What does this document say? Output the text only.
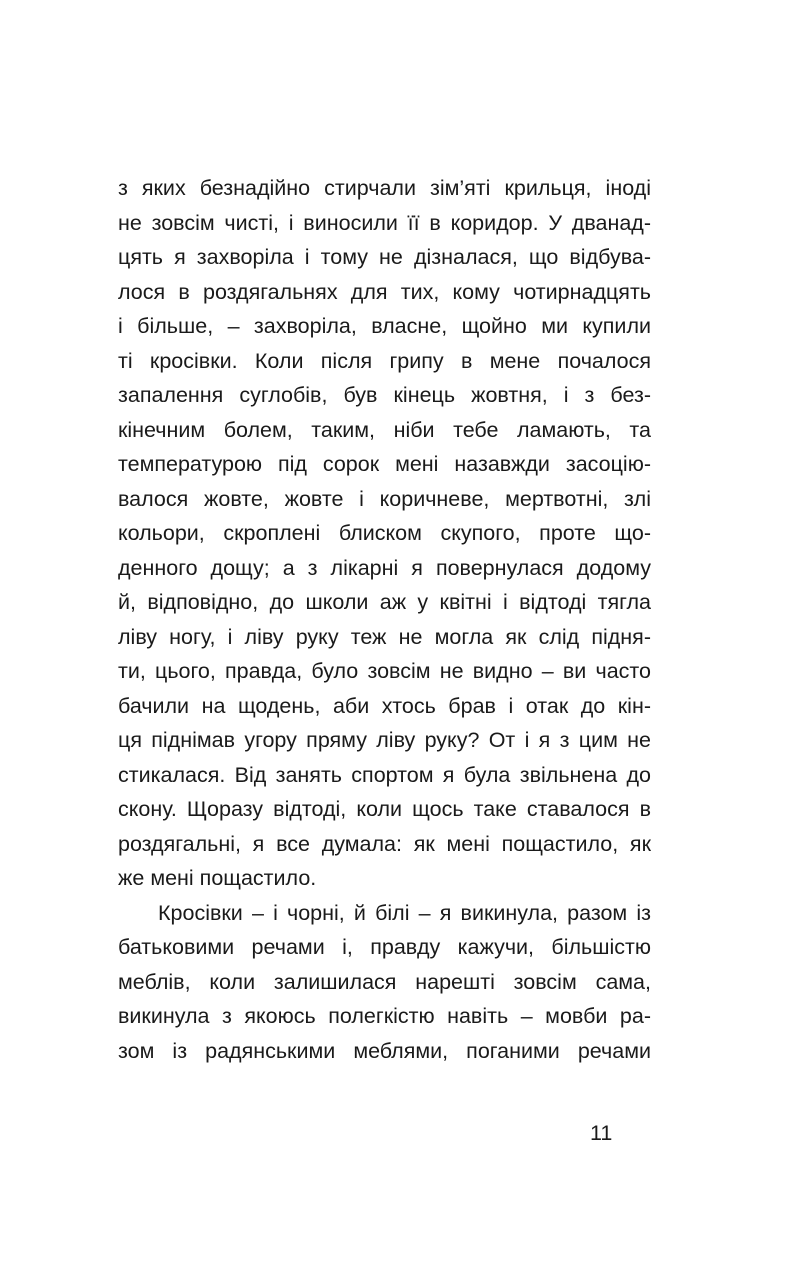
з яких безнадійно стирчали зім’яті крильця, іноді
не зовсім чисті, і виносили її в коридор. У дванад-
цять я захворіла і тому не дізналася, що відбува-
лося в роздягальнях для тих, кому чотирнадцять
і більше, – захворіла, власне, щойно ми купили
ті кросівки. Коли після грипу в мене почалося
запалення суглобів, був кінець жовтня, і з без-
кінечним болем, таким, ніби тебе ламають, та
температурою під сорок мені назавжди засоцію-
валося жовте, жовте і коричневе, мертвотні, злі
кольори, скроплені блиском скупого, проте що-
денного дощу; а з лікарні я повернулася додому
й, відповідно, до школи аж у квітні і відтоді тягла
ліву ногу, і ліву руку теж не могла як слід підня-
ти, цього, правда, було зовсім не видно – ви часто
бачили на щодень, аби хтось брав і отак до кін-
ця піднімав угору пряму ліву руку? От і я з цим не
стикалася. Від занять спортом я була звільнена до
скону. Щоразу відтоді, коли щось таке ставалося в
роздягальні, я все думала: як мені пощастило, як
же мені пощастило.
Кросівки – і чорні, й білі – я викинула, разом із
батьковими речами і, правду кажучи, більшістю
меблів, коли залишилася нарешті зовсім сама,
викинула з якоюсь полегкістю навіть – мовби ра-
зом із радянськими меблями, поганими речами
11
